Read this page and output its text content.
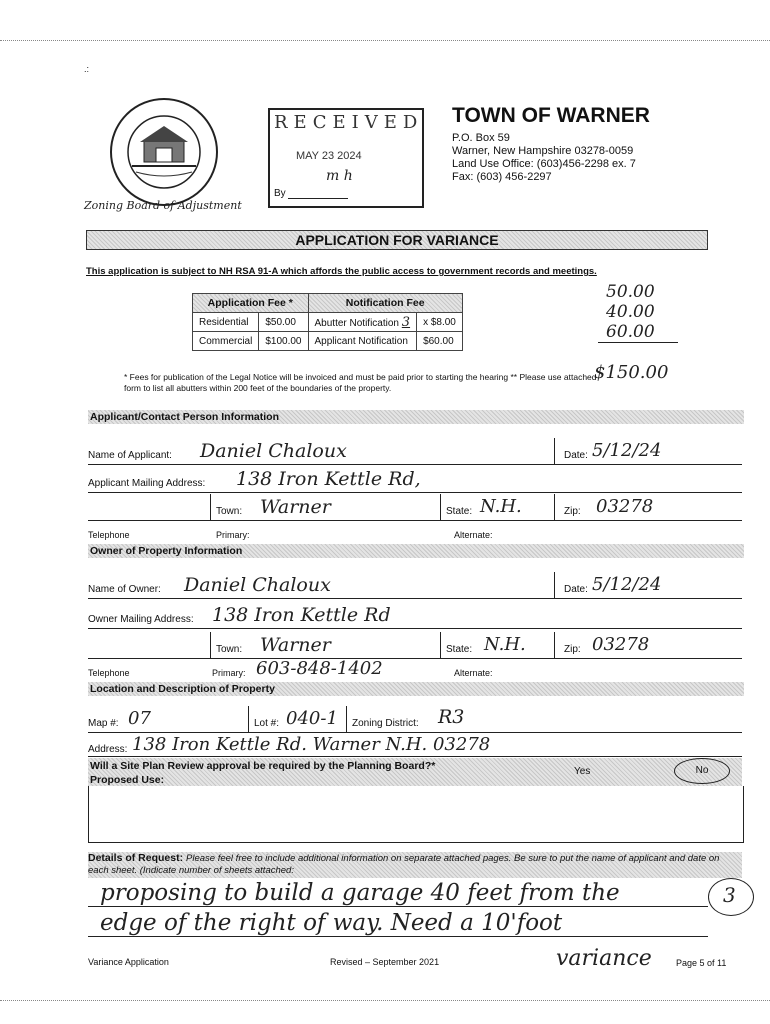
.:
Zoning Board of Adjustment
RECEIVED
MAY 23 2024
m h
By
TOWN OF WARNER
P.O. Box 59
Warner, New Hampshire 03278-0059
Land Use Office: (603)456-2298 ex. 7
Fax: (603) 456-2297
APPLICATION FOR VARIANCE
This application is subject to NH RSA 91-A which affords the public access to government records and meetings.
Application Fee *		Notification Fee	
Residential	$50.00	Abutter Notification 3	x $8.00
Commercial	$100.00	Applicant Notification	$60.00
50.00
40.00
60.00
$150.00
* Fees for publication of the Legal Notice will be invoiced and must be paid prior to starting the hearing ** Please use attached form to list all abutters within 200 feet of the boundaries of the property.
Applicant/Contact Person Information
Name of Applicant: Daniel Chaloux	Date: 5/12/24
Applicant Mailing Address: 138 Iron Kettle Rd,
Town: Warner	State: N.H.	Zip: 03278
Telephone	Primary:	Alternate:
Owner of Property Information
Name of Owner: Daniel Chaloux	Date: 5/12/24
Owner Mailing Address: 138 Iron Kettle Rd
Town: Warner	State: N.H.	Zip: 03278
Telephone	Primary: 603-848-1402	Alternate:
Location and Description of Property
Map #: 07	Lot #: 040-1 Zoning District: R3
Address: 138 Iron Kettle Rd. Warner N.H. 03278
Will a Site Plan Review approval be required by the Planning Board?*	Yes	No
Proposed Use:
Details of Request: Please feel free to include additional information on separate attached pages. Be sure to put the name of applicant and date on each sheet. (Indicate number of sheets attached:
proposing to build a garage 40 feet from the
edge of the right of way. Need a 10'foot
3
Variance Application	Revised – September 2021	variance	Page 5 of 11
